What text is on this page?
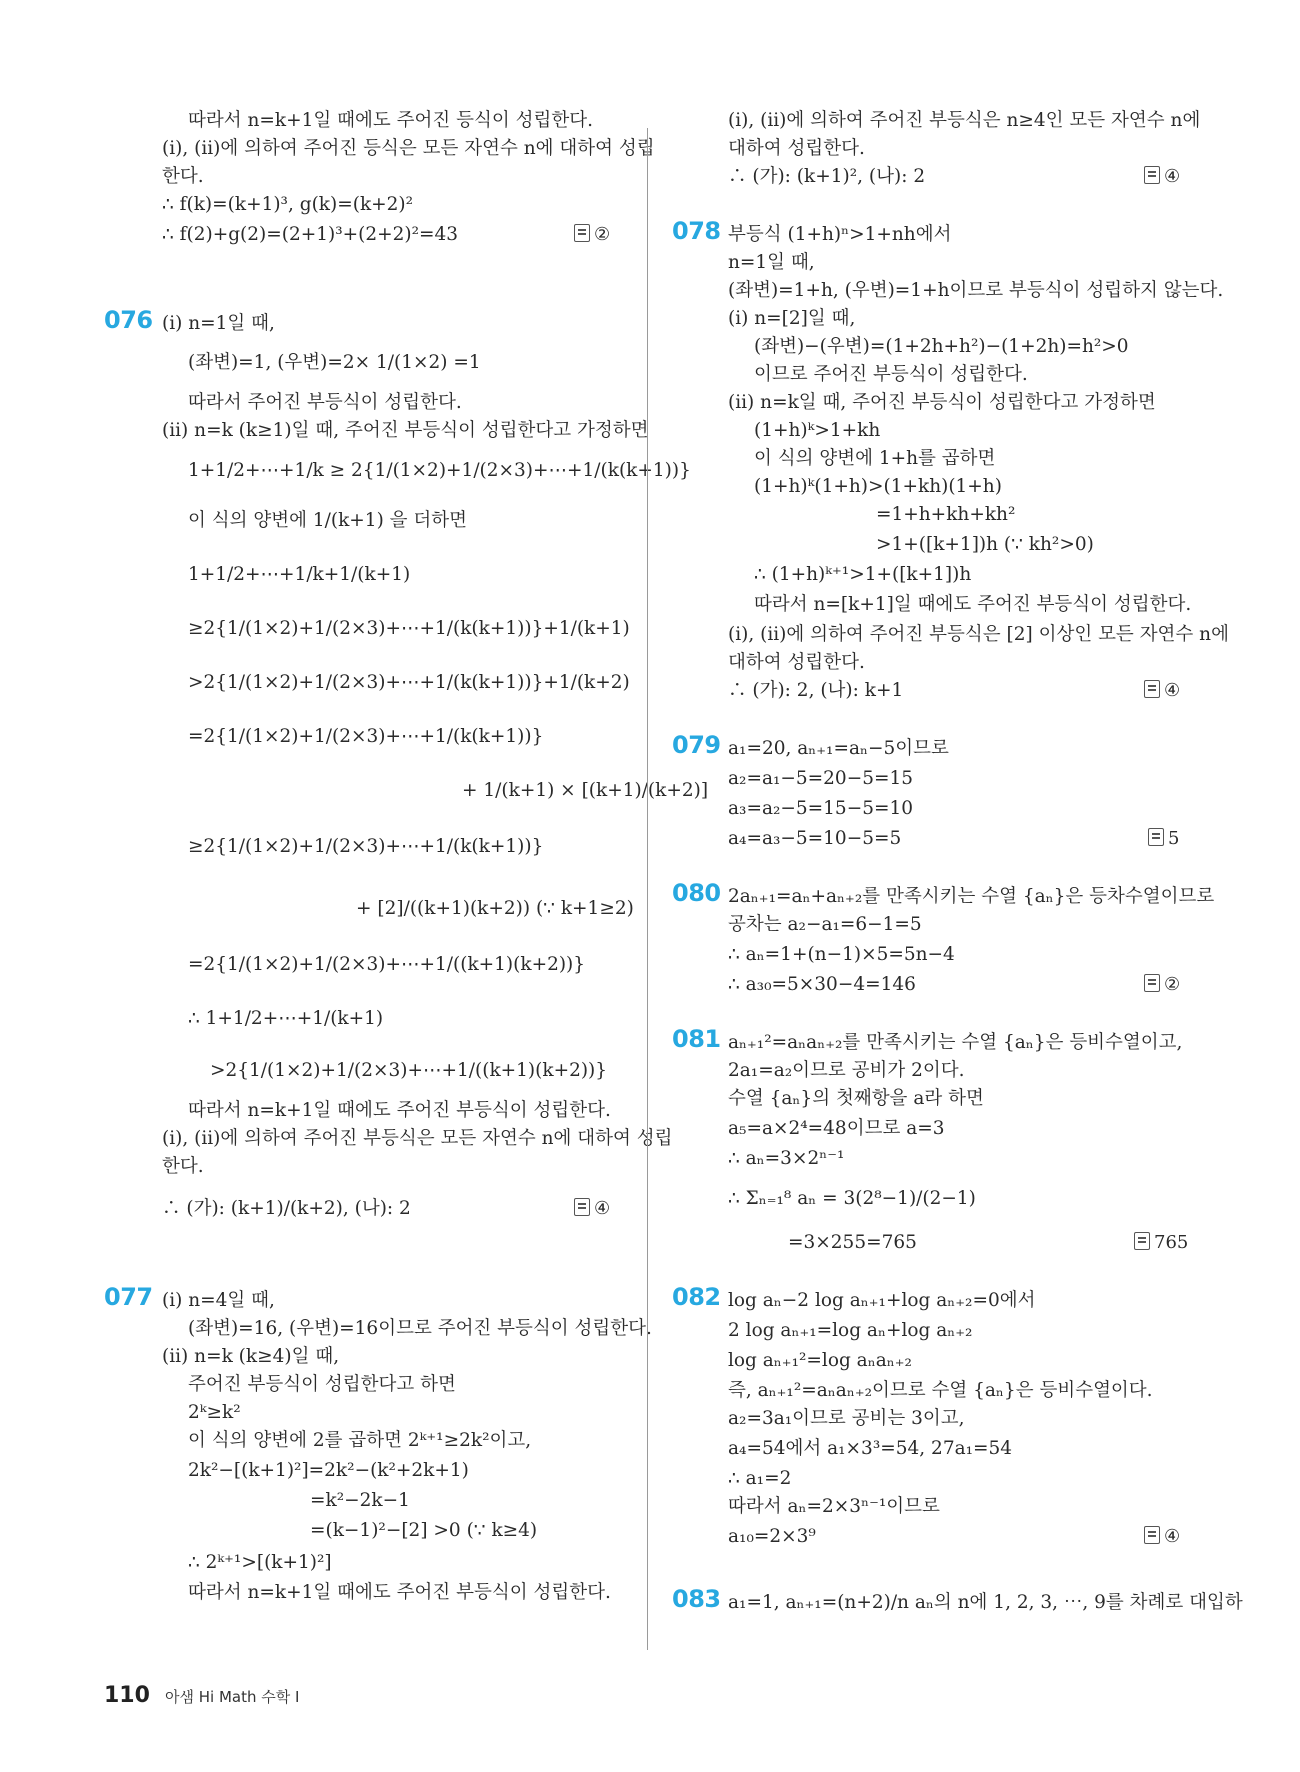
따라서 n=k+1일 때에도 주어진 등식이 성립한다.
(i), (ii)에 의하여 주어진 등식은 모든 자연수 n에 대하여 성립
한다.
∴ f(k)=(k+1)³, g(k)=(k+2)²
∴ f(2)+g(2)=(2+1)³+(2+2)²=43
(i) n=1일 때,
(좌변)=1, (우변)=2× 1/(1×2) =1
따라서 주어진 부등식이 성립한다.
(ii) n=k (k≥1)일 때, 주어진 부등식이 성립한다고 가정하면
1+1/2+⋯+1/k ≥ 2{1/(1×2)+1/(2×3)+⋯+1/(k(k+1))}
이 식의 양변에 1/(k+1) 을 더하면
1+1/2+⋯+1/k+1/(k+1)
≥2{1/(1×2)+1/(2×3)+⋯+1/(k(k+1))}+1/(k+1)
>2{1/(1×2)+1/(2×3)+⋯+1/(k(k+1))}+1/(k+2)
=2{1/(1×2)+1/(2×3)+⋯+1/(k(k+1))}
+ 1/(k+1) × [(k+1)/(k+2)]
≥2{1/(1×2)+1/(2×3)+⋯+1/(k(k+1))}
+ [2]/((k+1)(k+2)) (∵ k+1≥2)
=2{1/(1×2)+1/(2×3)+⋯+1/((k+1)(k+2))}
∴ 1+1/2+⋯+1/(k+1)
>2{1/(1×2)+1/(2×3)+⋯+1/((k+1)(k+2))}
따라서 n=k+1일 때에도 주어진 부등식이 성립한다.
(i), (ii)에 의하여 주어진 부등식은 모든 자연수 n에 대하여 성립
한다.
∴ (가): (k+1)/(k+2), (나): 2
(i) n=4일 때,
(좌변)=16, (우변)=16이므로 주어진 부등식이 성립한다.
(ii) n=k (k≥4)일 때,
주어진 부등식이 성립한다고 하면
2ᵏ≥k²
이 식의 양변에 2를 곱하면 2ᵏ⁺¹≥2k²이고,
2k²−[(k+1)²]=2k²−(k²+2k+1)
=k²−2k−1
=(k−1)²−[2] >0 (∵ k≥4)
∴ 2ᵏ⁺¹>[(k+1)²]
따라서 n=k+1일 때에도 주어진 부등식이 성립한다.
(i), (ii)에 의하여 주어진 부등식은 n≥4인 모든 자연수 n에
대하여 성립한다.
∴ (가): (k+1)², (나): 2
부등식 (1+h)ⁿ>1+nh에서
n=1일 때,
(좌변)=1+h, (우변)=1+h이므로 부등식이 성립하지 않는다.
(i) n=[2]일 때,
(좌변)−(우변)=(1+2h+h²)−(1+2h)=h²>0
이므로 주어진 부등식이 성립한다.
(ii) n=k일 때, 주어진 부등식이 성립한다고 가정하면
(1+h)ᵏ>1+kh
이 식의 양변에 1+h를 곱하면
(1+h)ᵏ(1+h)>(1+kh)(1+h)
=1+h+kh+kh²
>1+([k+1])h (∵ kh²>0)
∴ (1+h)ᵏ⁺¹>1+([k+1])h
따라서 n=[k+1]일 때에도 주어진 부등식이 성립한다.
(i), (ii)에 의하여 주어진 부등식은 [2] 이상인 모든 자연수 n에
대하여 성립한다.
∴ (가): 2, (나): k+1
a₁=20, aₙ₊₁=aₙ−5이므로
a₂=a₁−5=20−5=15
a₃=a₂−5=15−5=10
a₄=a₃−5=10−5=5
2aₙ₊₁=aₙ+aₙ₊₂를 만족시키는 수열 {aₙ}은 등차수열이므로
공차는 a₂−a₁=6−1=5
∴ aₙ=1+(n−1)×5=5n−4
∴ a₃₀=5×30−4=146
aₙ₊₁²=aₙaₙ₊₂를 만족시키는 수열 {aₙ}은 등비수열이고,
2a₁=a₂이므로 공비가 2이다.
수열 {aₙ}의 첫째항을 a라 하면
a₅=a×2⁴=48이므로 a=3
∴ aₙ=3×2ⁿ⁻¹
∴ Σₙ₌₁⁸ aₙ = 3(2⁸−1)/(2−1)
=3×255=765
log aₙ−2 log aₙ₊₁+log aₙ₊₂=0에서
2 log aₙ₊₁=log aₙ+log aₙ₊₂
log aₙ₊₁²=log aₙaₙ₊₂
즉, aₙ₊₁²=aₙaₙ₊₂이므로 수열 {aₙ}은 등비수열이다.
a₂=3a₁이므로 공비는 3이고,
a₄=54에서 a₁×3³=54, 27a₁=54
∴ a₁=2
따라서 aₙ=2×3ⁿ⁻¹이므로
a₁₀=2×3⁹
a₁=1, aₙ₊₁=(n+2)/n aₙ의 n에 1, 2, 3, ⋯, 9를 차례로 대입하
076
077
078
079
080
081
082
083
②
④
④
④
5
②
765
④
110 아샘 Hi Math 수학 I
